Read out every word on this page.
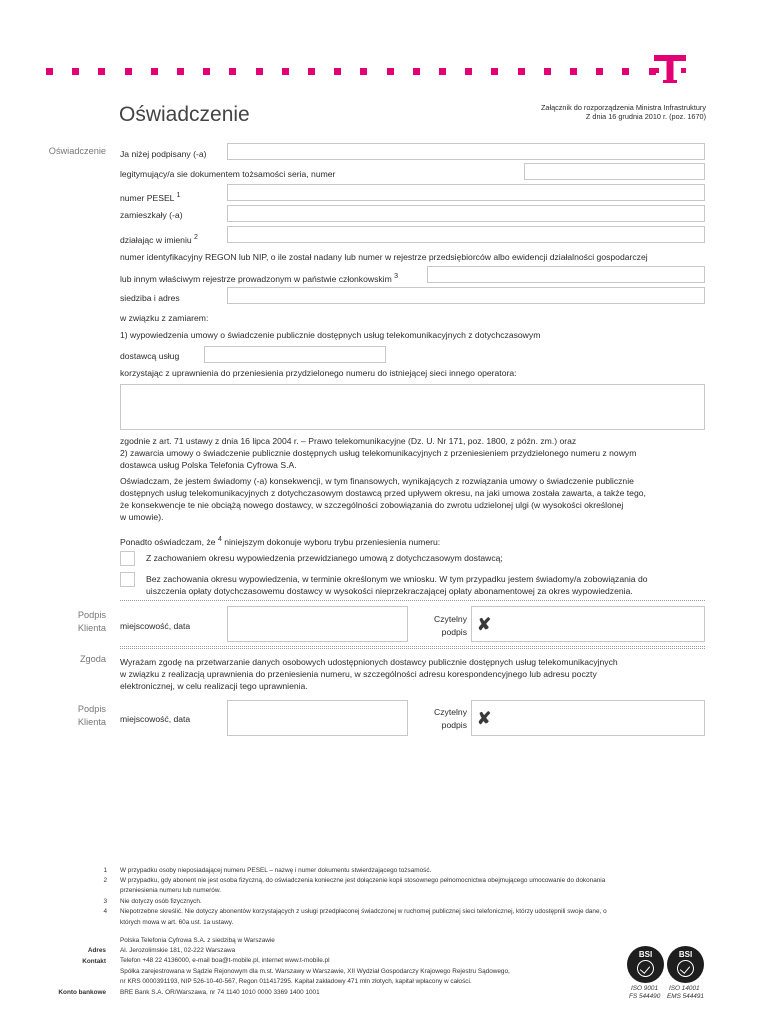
Oświadczenie	Załącznik do rozporządzenia Ministra Infrastruktury
Z dnia 16 grudnia 2010 r. (poz. 1670)
Oświadczenie
Podpis
Klienta
Zgoda
Podpis
Klienta
Ja niżej podpisany (-a)
legitymujący/a sie dokumentem tożsamości seria, numer
numer PESEL $^1$
zamieszkały (-a)
działając w imieniu $^2$
numer identyfikacyjny REGON lub NIP, o ile został nadany lub numer w rejestrze przedsiębiorców albo ewidencji działalności gospodarczej
lub innym właściwym rejestrze prowadzonym w państwie członkowskim $^3$
siedziba i adres
w związku z zamiarem:
1) wypowiedzenia umowy o świadczenie publicznie dostępnych usług telekomunikacyjnych z dotychczasowym
dostawcą usług
korzystając z uprawnienia do przeniesienia przydzielonego numeru do istniejącej sieci innego operatora:
zgodnie z art. 71 ustawy z dnia 16 lipca 2004 r. – Prawo telekomunikacyjne (Dz. U. Nr 171, poz. 1800, z późn. zm.) oraz
2) zawarcia umowy o świadczenie publicznie dostępnych usług telekomunikacyjnych z przeniesieniem przydzielonego numeru z nowym
dostawca usług Polska Telefonia Cyfrowa S.A.
Oświadczam, że jestem świadomy (-a) konsekwencji, w tym finansowych, wynikających z rozwiązania umowy o świadczenie publicznie
dostępnych usług telekomunikacyjnych z dotychczasowym dostawcą przed upływem okresu, na jaki umowa została zawarta, a także tego,
że konsekwencje te nie obciążą nowego dostawcy, w szczególności zobowiązania do zwrotu udzielonej ulgi (w wysokości określonej
w umowie).
Ponadto oświadczam, że $^4$ niniejszym dokonuje wyboru trybu przeniesienia numeru:
Z zachowaniem okresu wypowiedzenia przewidzianego umową z dotychczasowym dostawcą;
Bez zachowania okresu wypowiedzenia, w terminie określonym we wniosku. W tym przypadku jestem świadomy/a zobowiązania do
uiszczenia opłaty dotychczasowemu dostawcy w wysokości nieprzekraczającej opłaty abonamentowej za okres wypowiedzenia.
miejscowość, data
Czytelny
podpis ✘
Wyrażam zgodę na przetwarzanie danych osobowych udostępnionych dostawcy publicznie dostępnych usług telekomunikacyjnych
w związku z realizacją uprawnienia do przeniesienia numeru, w szczególności adresu korespondencyjnego lub adresu poczty
elektronicznej, w celu realizacji tego uprawnienia.
miejscowość, data
Czytelny
podpis ✘
1 W przypadku osoby nieposiadającej numeru PESEL – nazwę i numer dokumentu stwierdzającego tożsamość.
2 W przypadku, gdy abonent nie jest osoba fizyczną, do oświadczenia konieczne jest dołączenie kopii stosownego pełnomocnictwa obejmującego umocowanie do dokonania
przeniesienia numeru lub numerów.
3 Nie dotyczy osób fizycznych.
4 Niepotrzebne skreślić. Nie dotyczy abonentów korzystających z usługi przedpłaconej świadczonej w ruchomej publicznej sieci telefonicznej, którzy udostępnili swoje dane, o
których mowa w art. 60a ust. 1a ustawy.
Adres
Kontakt
Konto bankowe
Polska Telefonia Cyfrowa S.A. z siedzibą w Warszawie
Al. Jerozolimskie 181, 02-222 Warszawa
Telefon +48 22 4136000, e-mail boa@t-mobile.pl, internet www.t-mobile.pl
Spółka zarejestrowana w Sądzie Rejonowym dla m.st. Warszawy w Warszawie, XII Wydział Gospodarczy Krajowego Rejestru Sądowego,
nr KRS 0000391193, NIP 526-10-40-567, Regon 011417295. Kapitał zakładowy 471 mln złotych, kapitał wpłacony w całości.
BRE Bank S.A. OR/Warszawa, nr 74 1140 1010 0000 3369 1400 1001
BSI
ISO 9001
FS 544490
BSI
ISO 14001
EMS 544491
